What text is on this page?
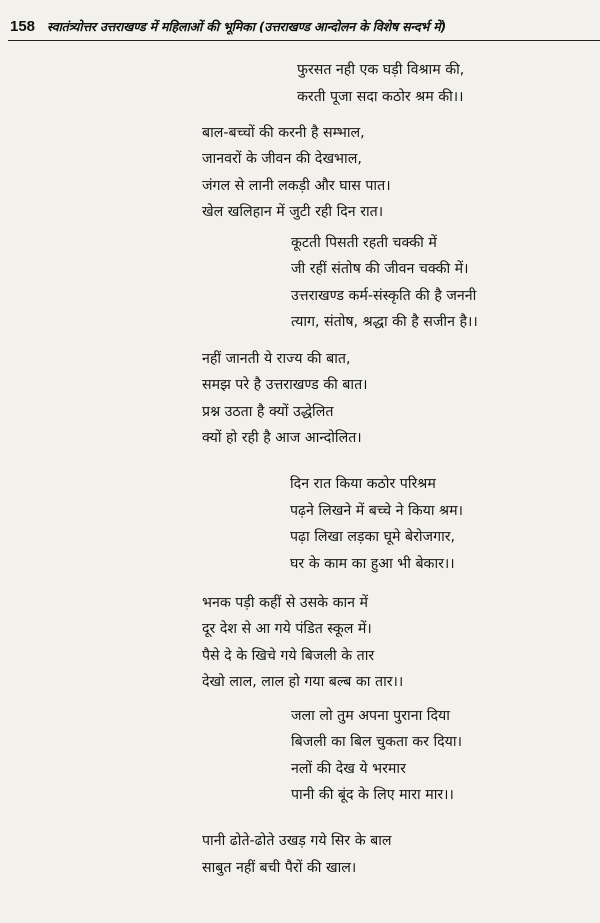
158 स्वातंत्र्योत्तर उत्तराखण्ड में महिलाओं की भूमिका (उत्तराखण्ड आन्दोलन के विशेष सन्दर्भ में)
फुरसत नही एक घड़ी विश्राम की,
करती पूजा सदा कठोर श्रम की।।
बाल-बच्चों की करनी है सम्भाल,
जानवरों के जीवन की देखभाल,
जंगल से लानी लकड़ी और घास पात।
खेल खलिहान में जुटी रही दिन रात।
कूटती पिसती रहती चक्की में
जी रहीं संतोष की जीवन चक्की में।
उत्तराखण्ड कर्म-संस्कृति की है जननी
त्याग, संतोष, श्रद्धा की है सजीन है।।
नहीं जानती ये राज्य की बात,
समझ परे है उत्तराखण्ड की बात।
प्रश्न उठता है क्यों उद्धेलित
क्यों हो रही है आज आन्दोलित।
दिन रात किया कठोर परिश्रम
पढ़ने लिखने में बच्चे ने किया श्रम।
पढ़ा लिखा लड़का घूमे बेरोजगार,
घर के काम का हुआ भी बेकार।।
भनक पड़ी कहीं से उसके कान में
दूर देश से आ गये पंडित स्कूल में।
पैसे दे के खिचे गये बिजली के तार
देखो लाल, लाल हो गया बल्ब का तार।।
जला लो तुम अपना पुराना दिया
बिजली का बिल चुकता कर दिया।
नलों की देख ये भरमार
पानी की बूंद के लिए मारा मार।।
पानी ढोते-ढोते उखड़ गये सिर के बाल
साबुत नहीं बची पैरों की खाल।
